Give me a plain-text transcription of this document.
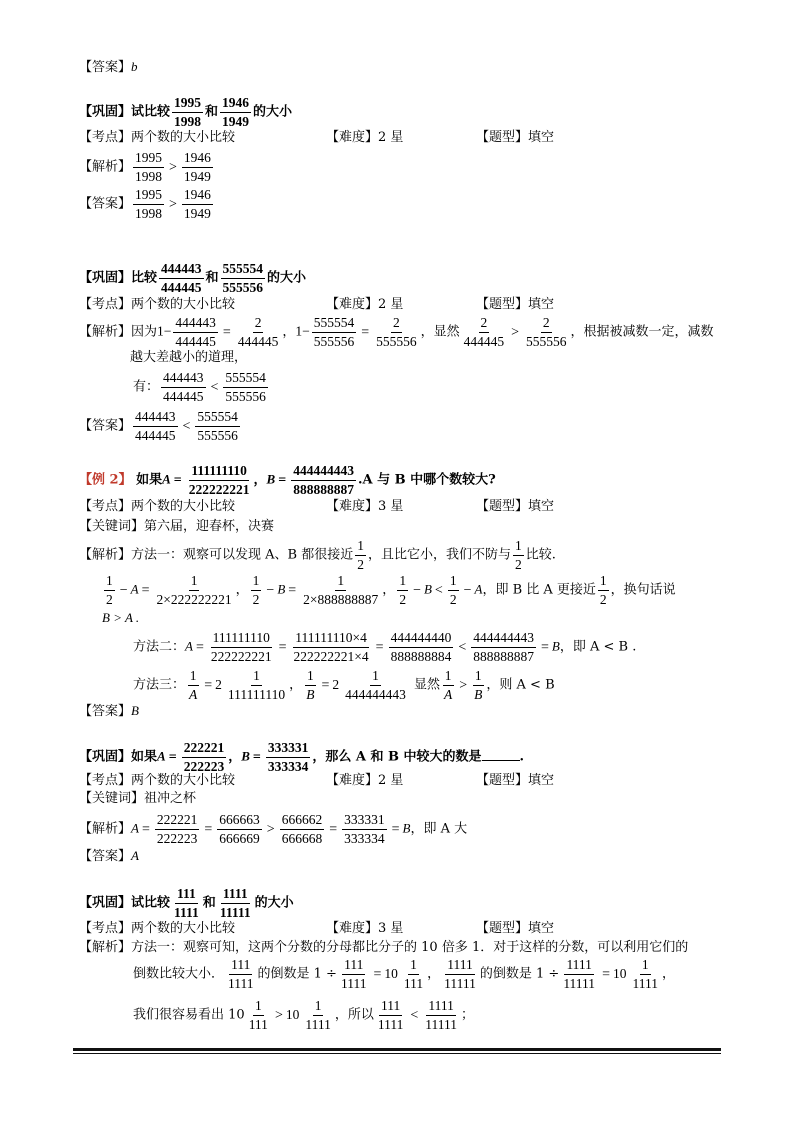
【答案】b
【巩固】试比较 $\frac{1995}{1998}$ 和 $\frac{1946}{1949}$ 的大小
【考点】两个数的大小比较	【难度】2 星	【题型】填空
【解析】 $\frac{1995}{1998} > \frac{1946}{1949}$
【答案】 $\frac{1995}{1998} > \frac{1946}{1949}$
【巩固】比较 $\frac{444443}{444445}$ 和 $\frac{555554}{555556}$ 的大小
【考点】两个数的大小比较	【难度】2 星	【题型】填空
【解析】因为$1- \frac{444443}{444445} = \frac{2}{444445}$ ，$1- \frac{555554}{555556} = \frac{2}{555556}$ ，显然 $\frac{2}{444445} > \frac{2}{555556}$ ，根据被减数一定，减数
越大差越小的道理，
有： $\frac{444443}{444445} < \frac{555554}{555556}$
【答案】 $\frac{444443}{444445} < \frac{555554}{555556}$
【例 2】 如果$A = \frac{111111110}{222222221}$ ，$B = \frac{444444443}{888888887} .A$ 与 B 中哪个数较大?
【考点】两个数的大小比较	【难度】3 星	【题型】填空
【关键词】第六届，迎春杯，决赛
【解析】方法一：观察可以发现 A、B 都很接近 $\frac{1}{2}$ ，且比它小，我们不防与 $\frac{1}{2}$ 比较.
$\frac{1}{2} - A = \frac{1}{2\times 222222221}$ ， $\frac{1}{2} - B = \frac{1}{2\times 888888887}$ ， $\frac{1}{2} - B < \frac{1}{2} - A$，即 B 比 A 更接近 $\frac{1}{2}$ ，换句话说
B > A .
方法二：$A = \frac{111111110}{222222221} = \frac{111111110\times 4}{222222221\times 4} = \frac{444444440}{888888884} < \frac{444444443}{888888887} = B$，即 A < B .
方法三： $\frac{1}{A} = 2$
1
111111110
， $\frac{1}{B} = 2$
1
444444443
显然 $\frac{1}{A} > \frac{1}{B}$ ，则 A < B
【答案】B
【巩固】如果$A = \frac{222221}{222223}$ ，$B = \frac{333331}{333334}$ ，那么 A 和 B 中较大的数是	.
【考点】两个数的大小比较	【难度】2 星	【题型】填空
【关键词】祖冲之杯
【解析】$A = \frac{222221}{222223} = \frac{666663}{666669} > \frac{666662}{666668} = \frac{333331}{333334} = B$，即 A 大
【答案】A
【巩固】试比较 $\frac{111}{1111}$ 和 $\frac{1111}{11111}$ 的大小
【考点】两个数的大小比较	【难度】3 星	【题型】填空
【解析】方法一：观察可知，这两个分数的分母都比分子的 10 倍多 1．对于这样的分数，可以利用它们的
倒数比较大小． $\frac{111}{1111}$ 的倒数是 $1 \div \frac{111}{1111} = 10$
1
111
， $\frac{1111}{11111}$ 的倒数是 $1 \div \frac{1111}{11111} = 10$
1
1111
，
我们很容易看出 $10 \frac{1}{111} > 10$
1
1111
，所以 $\frac{111}{1111} < \frac{1111}{11111}$ ；
